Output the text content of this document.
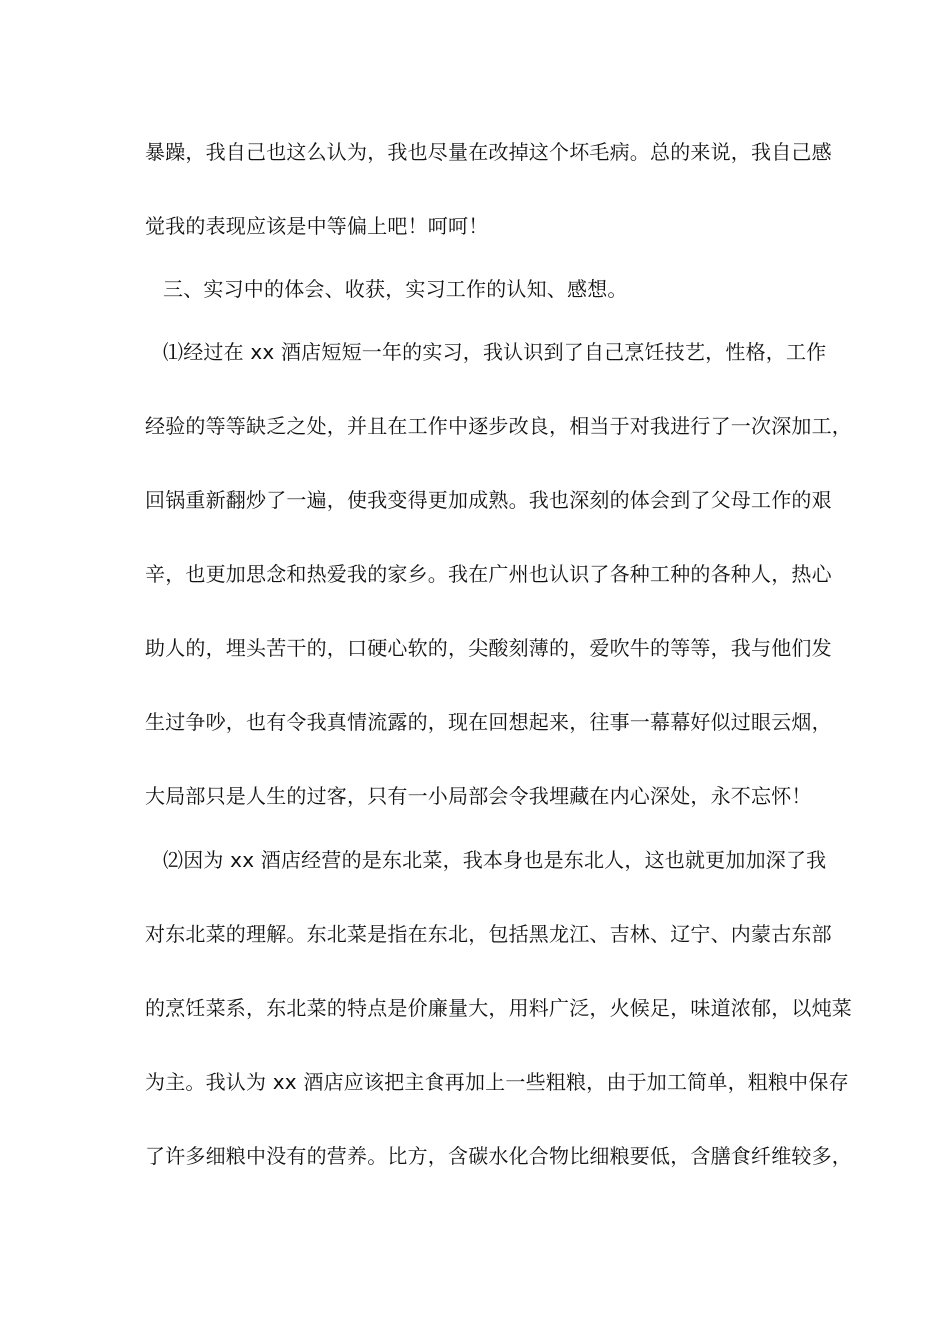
暴躁，我自己也这么认为，我也尽量在改掉这个坏毛病。总的来说，我自己感
觉我的表现应该是中等偏上吧！呵呵！
三、实习中的体会、收获，实习工作的认知、感想。
⑴经过在 xx 酒店短短一年的实习，我认识到了自己烹饪技艺，性格，工作
经验的等等缺乏之处，并且在工作中逐步改良，相当于对我进行了一次深加工，
回锅重新翻炒了一遍，使我变得更加成熟。我也深刻的体会到了父母工作的艰
辛，也更加思念和热爱我的家乡。我在广州也认识了各种工种的各种人，热心
助人的，埋头苦干的，口硬心软的，尖酸刻薄的，爱吹牛的等等，我与他们发
生过争吵，也有令我真情流露的，现在回想起来，往事一幕幕好似过眼云烟，
大局部只是人生的过客，只有一小局部会令我埋藏在内心深处，永不忘怀！
⑵因为 xx 酒店经营的是东北菜，我本身也是东北人，这也就更加加深了我
对东北菜的理解。东北菜是指在东北，包括黑龙江、吉林、辽宁、内蒙古东部
的烹饪菜系，东北菜的特点是价廉量大，用料广泛，火候足，味道浓郁，以炖菜
为主。我认为 xx 酒店应该把主食再加上一些粗粮，由于加工简单，粗粮中保存
了许多细粮中没有的营养。比方，含碳水化合物比细粮要低，含膳食纤维较多，
